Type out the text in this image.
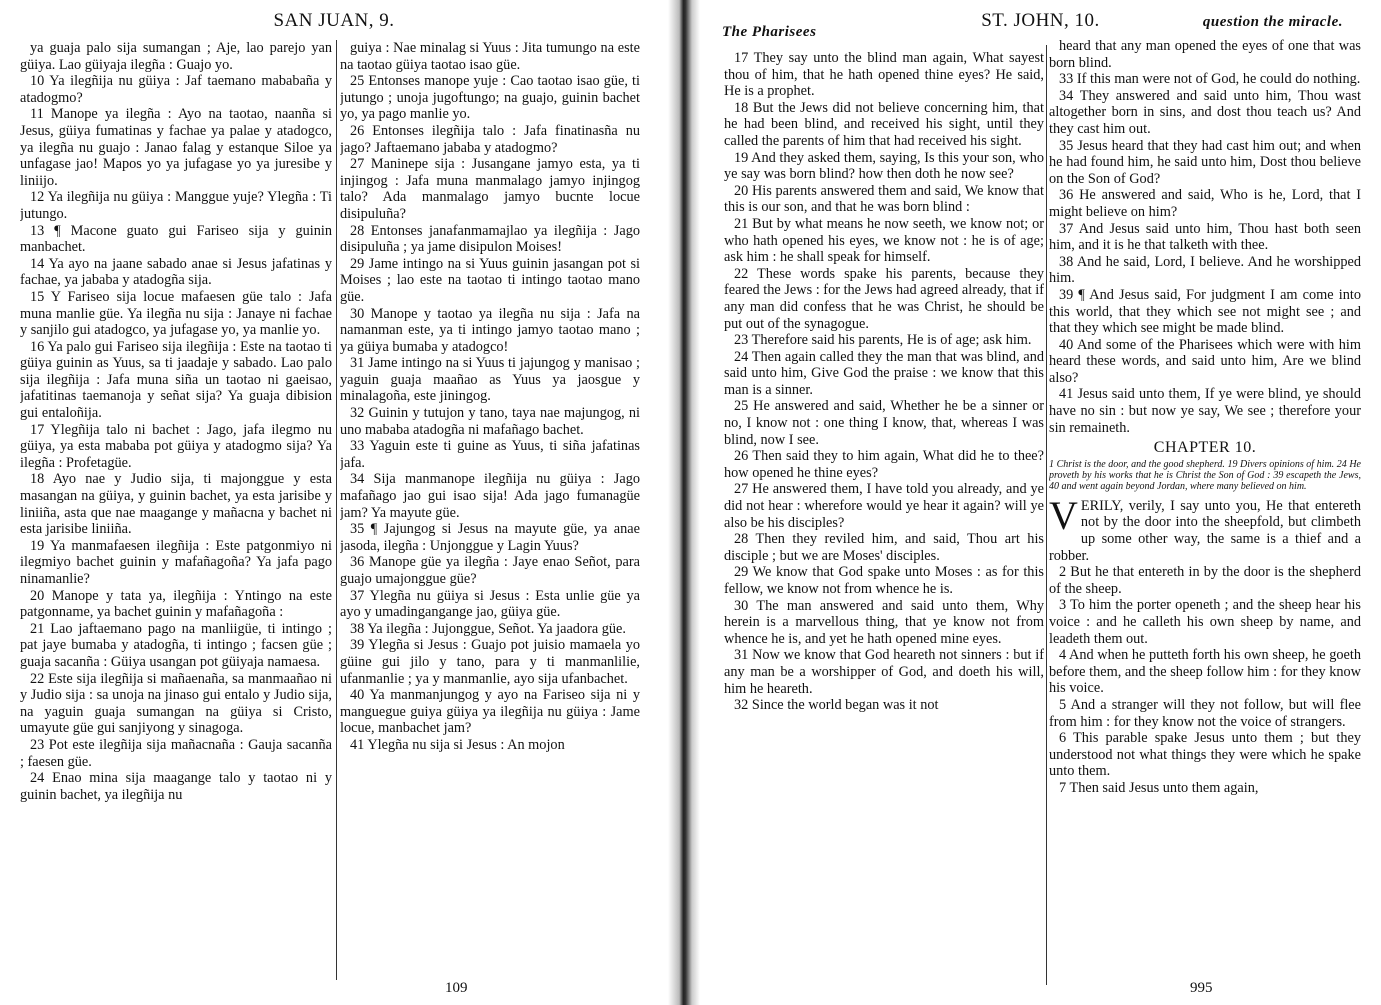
SAN JUAN, 9.

ya guaja palo sija sumangan ; Aje, lao parejo yan güiya. Lao güiyaja ilegña : Guajo yo.

10 Ya ilegñija nu güiya : Jaf taemano mababaña y atadogmo?

11 Manope ya ilegña : Ayo na taotao, naanña si Jesus, güiya fumatinas y fachae ya palae y atadogco, ya ilegña nu guajo : Janao falag y estanque Siloe ya unfagase jao! Mapos yo ya jufagase yo ya juresibe y liniijo.

12 Ya ilegñija nu güiya : Manggue yuje? Ylegña : Ti jutungo.

13 ¶ Macone guato gui Fariseo sija y guinin manbachet.

14 Ya ayo na jaane sabado anae si Jesus jafatinas y fachae, ya jababa y atadogña sija.

15 Y Fariseo sija locue mafaesen güe talo : Jafa muna manlie güe. Ya ilegña nu sija : Janaye ni fachae y sanjilo gui atadogco, ya jufagase yo, ya manlie yo.

16 Ya palo gui Fariseo sija ilegñija : Este na taotao ti güiya guinin as Yuus, sa ti jaadaje y sabado. Lao palo sija ilegñija : Jafa muna siña un taotao ni gaeisao, jafatitinas taemanoja y señat sija? Ya guaja dibision gui entaloñija.

17 Ylegñija talo ni bachet : Jago, jafa ilegmo nu güiya, ya esta mababa pot güiya y atadogmo sija? Ya ilegña : Profetagüe.

18 Ayo nae y Judio sija, ti majonggue y esta masangan na güiya, y guinin bachet, ya esta jarisibe y liniiña, asta que nae maagange y mañacna y bachet ni esta jarisibe liniiña.

19 Ya manmafaesen ilegñija : Este patgonmiyo ni ilegmiyo bachet guinin y mafañagoña? Ya jafa pago ninamanlie?

20 Manope y tata ya, ilegñija : Yntingo na este patgonname, ya bachet guinin y mafañagoña :

21 Lao jaftaemano pago na manliigüe, ti intingo ; pat jaye bumaba y atadogña, ti intingo ; facsen güe ; guaja sacanña : Güiya usangan pot güiyaja namaesa.

22 Este sija ilegñija si mañaenaña, sa manmaañao ni y Judio sija : sa unoja na jinaso gui entalo y Judio sija, na yaguin guaja sumangan na güiya si Cristo, umayute güe gui sanjiyong y sinagoga.

23 Pot este ilegñija sija mañacnaña : Gauja sacanña ; faesen güe.

24 Enao mina sija maagange talo y taotao ni y guinin bachet, ya ilegñija nu

guiya : Nae minalag si Yuus : Jita tumungo na este na taotao güiya taotao isao güe.

25 Entonses manope yuje : Cao taotao isao güe, ti jutungo ; unoja jugoftungo; na guajo, guinin bachet yo, ya pago manlie yo.

26 Entonses ilegñija talo : Jafa finatinasña nu jago? Jaftaemano jababa y atadogmo?

27 Maninepe sija : Jusangane jamyo esta, ya ti injingog : Jafa muna manmalago jamyo injingog talo? Ada manmalago jamyo bucnte locue disipuluña?

28 Entonses janafanmamajlao ya ilegñija : Jago disipuluña ; ya jame disipulon Moises!

29 Jame intingo na si Yuus guinin jasangan pot si Moises ; lao este na taotao ti intingo taotao mano güe.

30 Manope y taotao ya ilegña nu sija : Jafa na namanman este, ya ti intingo jamyo taotao mano ; ya güiya bumaba y atadogco!

31 Jame intingo na si Yuus ti jajungog y manisao ; yaguin guaja maañao as Yuus ya jaosgue y minalagoña, este jiningog.

32 Guinin y tutujon y tano, taya nae majungog, ni uno mababa atadogña ni mafañago bachet.

33 Yaguin este ti guine as Yuus, ti siña jafatinas jafa.

34 Sija manmanope ilegñija nu güiya : Jago mafañago jao gui isao sija! Ada jago fumanagüe jam? Ya mayute güe.

35 ¶ Jajungog si Jesus na mayute güe, ya anae jasoda, ilegña : Unjonggue y Lagin Yuus?

36 Manope güe ya ilegña : Jaye enao Señot, para guajo umajonggue güe?

37 Ylegña nu güiya si Jesus : Esta unlie güe ya ayo y umadingangange jao, güiya güe.

38 Ya ilegña : Jujonggue, Señot. Ya jaadora güe.

39 Ylegña si Jesus : Guajo pot juisio mamaela yo güine gui jilo y tano, para y ti manmanlilie, ufanmanlie ; ya y manmanlie, ayo sija ufanbachet.

40 Ya manmanjungog y ayo na Fariseo sija ni y manguegue guiya güiya ya ilegñija nu güiya : Jame locue, manbachet jam?

41 Ylegña nu sija si Jesus : An mojon

109
The Pharisees
ST. JOHN, 10.	question the miracle.

17 They say unto the blind man again, What sayest thou of him, that he hath opened thine eyes? He said, He is a prophet.

18 But the Jews did not believe concerning him, that he had been blind, and received his sight, until they called the parents of him that had received his sight.

19 And they asked them, saying, Is this your son, who ye say was born blind? how then doth he now see?

20 His parents answered them and said, We know that this is our son, and that he was born blind :

21 But by what means he now seeth, we know not; or who hath opened his eyes, we know not : he is of age; ask him : he shall speak for himself.

22 These words spake his parents, because they feared the Jews : for the Jews had agreed already, that if any man did confess that he was Christ, he should be put out of the synagogue.

23 Therefore said his parents, He is of age; ask him.

24 Then again called they the man that was blind, and said unto him, Give God the praise : we know that this man is a sinner.

25 He answered and said, Whether he be a sinner or no, I know not : one thing I know, that, whereas I was blind, now I see.

26 Then said they to him again, What did he to thee? how opened he thine eyes?

27 He answered them, I have told you already, and ye did not hear : wherefore would ye hear it again? will ye also be his disciples?

28 Then they reviled him, and said, Thou art his disciple ; but we are Moses' disciples.

29 We know that God spake unto Moses : as for this fellow, we know not from whence he is.

30 The man answered and said unto them, Why herein is a marvellous thing, that ye know not from whence he is, and yet he hath opened mine eyes.

31 Now we know that God heareth not sinners : but if any man be a worshipper of God, and doeth his will, him he heareth.

32 Since the world began was it not

heard that any man opened the eyes of one that was born blind.

33 If this man were not of God, he could do nothing.

34 They answered and said unto him, Thou wast altogether born in sins, and dost thou teach us? And they cast him out.

35 Jesus heard that they had cast him out; and when he had found him, he said unto him, Dost thou believe on the Son of God?

36 He answered and said, Who is he, Lord, that I might believe on him?

37 And Jesus said unto him, Thou hast both seen him, and it is he that talketh with thee.

38 And he said, Lord, I believe. And he worshipped him.

39 ¶ And Jesus said, For judgment I am come into this world, that they which see not might see ; and that they which see might be made blind.

40 And some of the Pharisees which were with him heard these words, and said unto him, Are we blind also?

41 Jesus said unto them, If ye were blind, ye should have no sin : but now ye say, We see ; therefore your sin remaineth.

CHAPTER 10.
1 Christ is the door, and the good shepherd. 19 Divers opinions of him. 24 He proveth by his works that he is Christ the Son of God : 39 escapeth the Jews, 40 and went again beyond Jordan, where many believed on him.

VERILY, verily, I say unto you, He that entereth not by the door into the sheepfold, but climbeth up some other way, the same is a thief and a robber.

2 But he that entereth in by the door is the shepherd of the sheep.

3 To him the porter openeth ; and the sheep hear his voice : and he calleth his own sheep by name, and leadeth them out.

4 And when he putteth forth his own sheep, he goeth before them, and the sheep follow him : for they know his voice.

5 And a stranger will they not follow, but will flee from him : for they know not the voice of strangers.

6 This parable spake Jesus unto them ; but they understood not what things they were which he spake unto them.

7 Then said Jesus unto them again,

995
